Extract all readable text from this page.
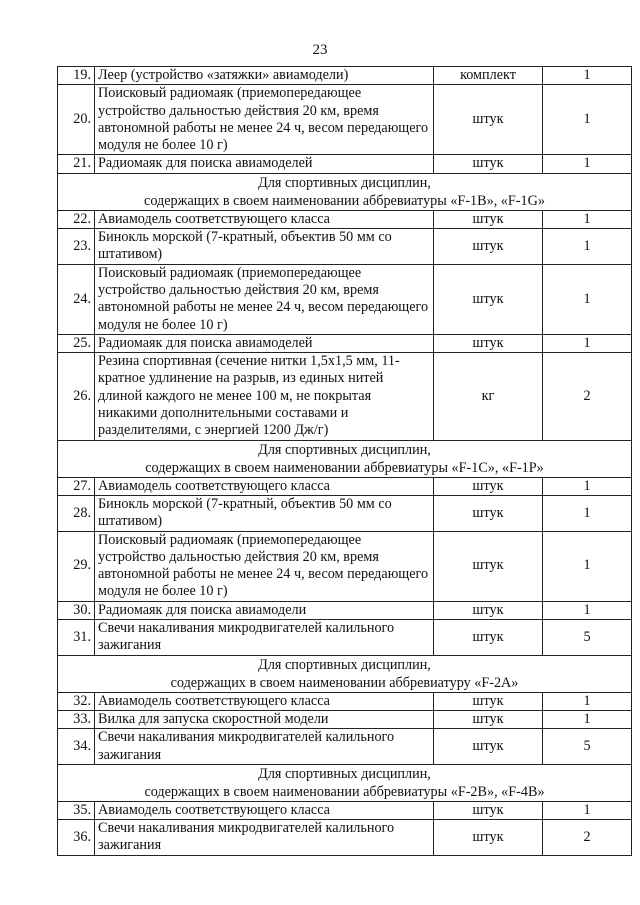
23
19.	Леер (устройство «затяжки» авиамодели)	комплект	1
20.	Поисковый радиомаяк (приемопередающее устройство дальностью действия 20 км, время автономной работы не менее 24 ч, весом передающего модуля не более 10 г)	штук	1
21.	Радиомаяк для поиска авиамоделей	штук	1

Для спортивных дисциплин,
содержащих в своем наименовании аббревиатуры «F-1B», «F-1G»			

22.	Авиамодель соответствующего класса	штук	1
23.	Бинокль морской (7-кратный, объектив 50 мм со штативом)	штук	1
24.	Поисковый радиомаяк (приемопередающее устройство дальностью действия 20 км, время автономной работы не менее 24 ч, весом передающего модуля не более 10 г)	штук	1
25.	Радиомаяк для поиска авиамоделей	штук	1
26.	Резина спортивная (сечение нитки 1,5х1,5 мм, 11-кратное удлинение на разрыв, из единых нитей длиной каждого не менее 100 м, не покрытая никакими дополнительными составами и разделителями, с энергией 1200 Дж/г)	кг	2

Для спортивных дисциплин,
содержащих в своем наименовании аббревиатуры «F-1C», «F-1P»			

27.	Авиамодель соответствующего класса	штук	1
28.	Бинокль морской (7-кратный, объектив 50 мм со штативом)	штук	1
29.	Поисковый радиомаяк (приемопередающее устройство дальностью действия 20 км, время автономной работы не менее 24 ч, весом передающего модуля не более 10 г)	штук	1
30.	Радиомаяк для поиска авиамодели	штук	1
31.	Свечи накаливания микродвигателей калильного зажигания	штук	5

Для спортивных дисциплин,
содержащих в своем наименовании аббревиатуру «F-2A»			

32.	Авиамодель соответствующего класса	штук	1
33.	Вилка для запуска скоростной модели	штук	1
34.	Свечи накаливания микродвигателей калильного зажигания	штук	5

Для спортивных дисциплин,
содержащих в своем наименовании аббревиатуры «F-2B», «F-4B»			

35.	Авиамодель соответствующего класса	штук	1
36.	Свечи накаливания микродвигателей калильного зажигания	штук	2
